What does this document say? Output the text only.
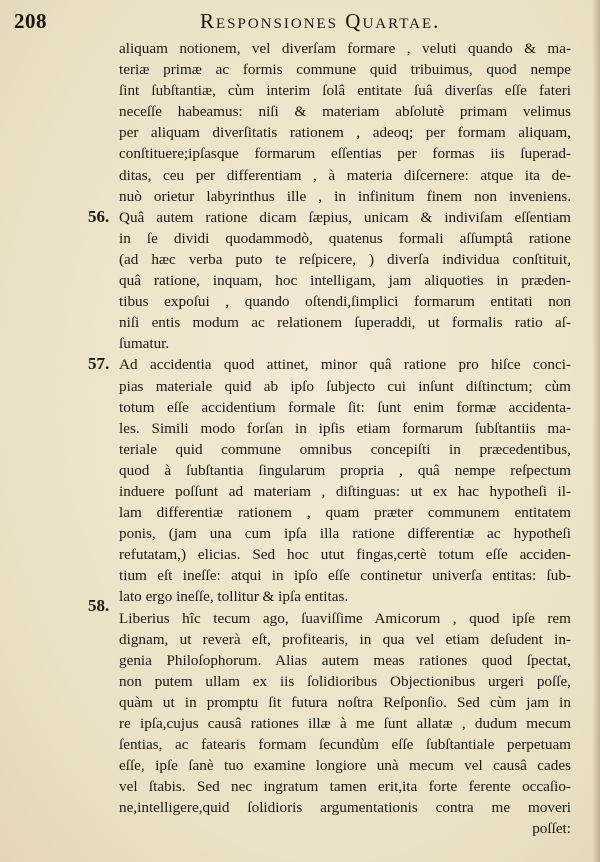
208	Responsiones Quartae.
56.
57.
58.
aliquam notionem, vel diverſam formare , veluti quando & ma-
teriæ primæ ac formis commune quid tribuimus, quod nempe
ſint ſubſtantiæ, cùm interim ſolâ entitate ſuâ diverſas eſſe fateri
neceſſe habeamus: niſi & materiam abſolutè primam velimus
per aliquam diverſitatis rationem , adeoq; per formam aliquam,
conſtituere;ipſasque formarum eſſentias per formas iis ſuperad-
ditas, ceu per differentiam , à materia diſcernere: atque ita de-
nuò orietur labyrinthus ille , in infinitum finem non inveniens.
Quâ autem ratione dicam ſæpius, unicam & indiviſam eſſentiam
in ſe dividi quodammodò, quatenus formali aſſumptâ ratione
(ad hæc verba puto te reſpicere, ) diverſa individua conſtituit,
quâ ratione, inquam, hoc intelligam, jam aliquoties in præden-
tibus expoſui , quando oſtendi,ſimplici formarum entitati non
niſi entis modum ac relationem ſuperaddi, ut formalis ratio aſ-
ſumatur.
Ad accidentia quod attinet, minor quâ ratione pro hiſce conci-
pias materiale quid ab ipſo ſubjecto cui inſunt diſtinctum; cùm
totum eſſe accidentium formale ſit: ſunt enim formæ accidenta-
les. Simili modo forſan in ipſis etiam formarum ſubſtantiis ma-
teriale quid commune omnibus concepiſti in præcedentibus,
quod à ſubſtantia ſingularum propria , quâ nempe reſpectum
induere poſſunt ad materiam , diſtinguas: ut ex hac hypotheſi il-
lam differentiæ rationem , quam præter communem entitatem
ponis, (jam una cum ipſa illa ratione differentiæ ac hypotheſi
refutatam,) elicias. Sed hoc utut fingas,certè totum eſſe acciden-
tium eſt ineſſe: atqui in ipſo eſſe continetur univerſa entitas: ſub-
lato ergo ineſſe, tollitur & ipſa entitas.
Liberius hîc tecum ago, ſuaviſſime Amicorum , quod ipſe rem
dignam, ut reverà eſt, profitearis, in qua vel etiam deſudent in-
genia Philoſophorum. Alias autem meas rationes quod ſpectat,
non putem ullam ex iis ſolidioribus Objectionibus urgeri poſſe,
quàm ut in promptu ſit futura noſtra Reſponſio. Sed cùm jam in
re ipſa,cujus causâ rationes illæ à me ſunt allatæ , dudum mecum
ſentias, ac fatearis formam ſecundùm eſſe ſubſtantiale perpetuam
eſſe, ipſe ſanè tuo examine longiore unà mecum vel causâ cades
vel ſtabis. Sed nec ingratum tamen erit,ita forte ferente occaſio-
ne,intelligere,quid ſolidioris argumentationis contra me moveri
poſſet:
